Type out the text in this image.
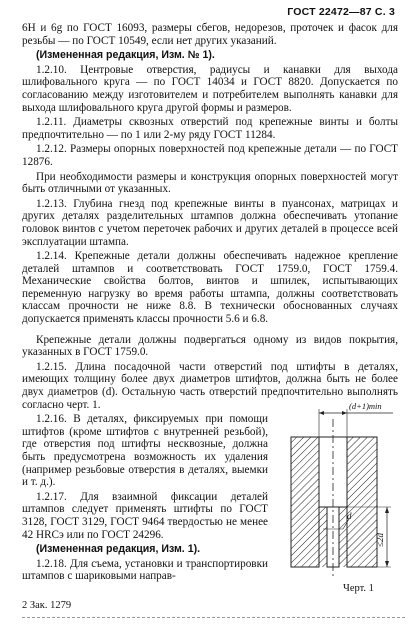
ГОСТ 22472—87 С. 3

6H и 6g по ГОСТ 16093, размеры сбегов, недорезов, проточек и фасок для резьбы — по ГОСТ 10549, если нет других указаний.

(Измененная редакция, Изм. № 1).

1.2.10. Центровые отверстия, радиусы и канавки для выхода шлифовального круга — по ГОСТ 14034 и ГОСТ 8820. Допускается по согласованию между изготовителем и потребителем выполнять канавки для выхода шлифовального круга другой формы и размеров.

1.2.11. Диаметры сквозных отверстий под крепежные винты и болты предпочтительно — по 1 или 2-му ряду ГОСТ 11284.

1.2.12. Размеры опорных поверхностей под крепежные детали — по ГОСТ 12876.

При необходимости размеры и конструкция опорных поверхностей могут быть отличными от указанных.

1.2.13. Глубина гнезд под крепежные винты в пуансонах, матрицах и других деталях разделительных штампов должна обеспечивать утопание головок винтов с учетом переточек рабочих и других деталей в процессе всей эксплуатации штампа.

1.2.14. Крепежные детали должны обеспечивать надежное крепление деталей штампов и соответствовать ГОСТ 1759.0, ГОСТ 1759.4. Механические свойства болтов, винтов и шпилек, испытывающих переменную нагрузку во время работы штампа, должны соответствовать классам прочности не ниже 8.8. В технически обоснованных случаях допускается применять классы прочности 5.6 и 6.8.

Крепежные детали должны подвергаться одному из видов покрытия, указанных в ГОСТ 1759.0.

1.2.15. Длина посадочной части отверстий под штифты в деталях, имеющих толщину более двух диаметров штифтов, должна быть не более двух диаметров (d). Остальную часть отверстий предпочтительно выполнять согласно черт. 1.

1.2.16. В деталях, фиксируемых при помощи штифтов (кроме штифтов с внутренней резьбой), где отверстия под штифты несквозные, должна быть предусмотрена возможность их удаления (например резьбовые отверстия в деталях, выемки и т. д.).

1.2.17. Для взаимной фиксации деталей штампов следует применять штифты по ГОСТ 3128, ГОСТ 3129, ГОСТ 9464 твердостью не менее 42 HRCэ или по ГОСТ 24296.

(Измененная редакция, Изм. 1).

1.2.18. Для съема, установки и транспортировки штампов с шариковыми направ-

(d+1)min
d
≤2d
Черт. 1
2 Зак. 1279
